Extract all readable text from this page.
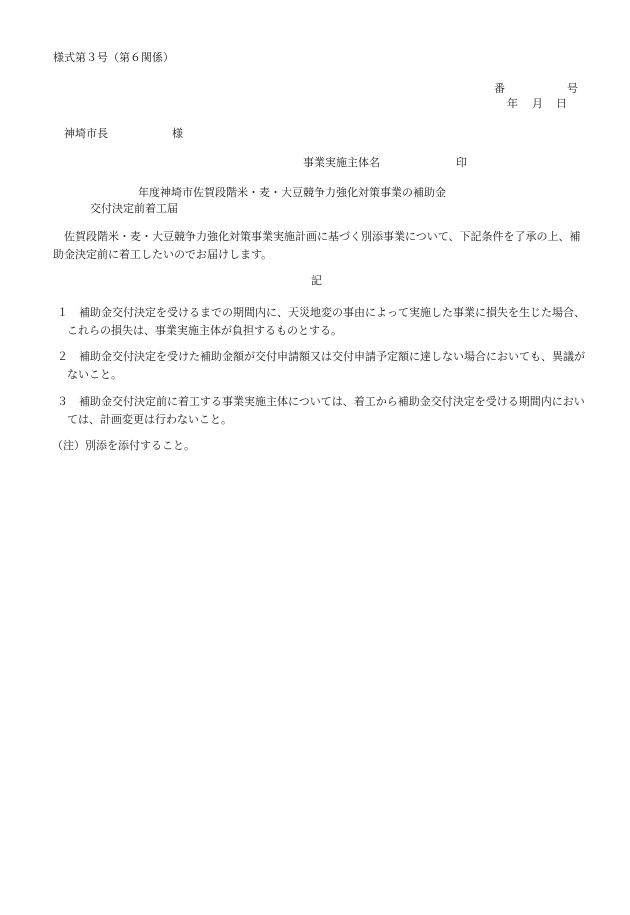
様式第３号（第６関係）
番	号
年 月 日
神埼市長	様
事業実施主体名	印
年度神埼市佐賀段階米・麦・大豆競争力強化対策事業の補助金
交付決定前着工届
佐賀段階米・麦・大豆競争力強化対策事業実施計画に基づく別添事業について、下記条件を了承の上、補助金決定前に着工したいのでお届けします。
記
１	補助金交付決定を受けるまでの期間内に、天災地変の事由によって実施した事業に損失を生じた場合、これらの損失は、事業実施主体が負担するものとする。
２	補助金交付決定を受けた補助金額が交付申請額又は交付申請予定額に達しない場合においても、異議がないこと。
３	補助金交付決定前に着工する事業実施主体については、着工から補助金交付決定を受ける期間内においては、計画変更は行わないこと。
（注）別添を添付すること。
